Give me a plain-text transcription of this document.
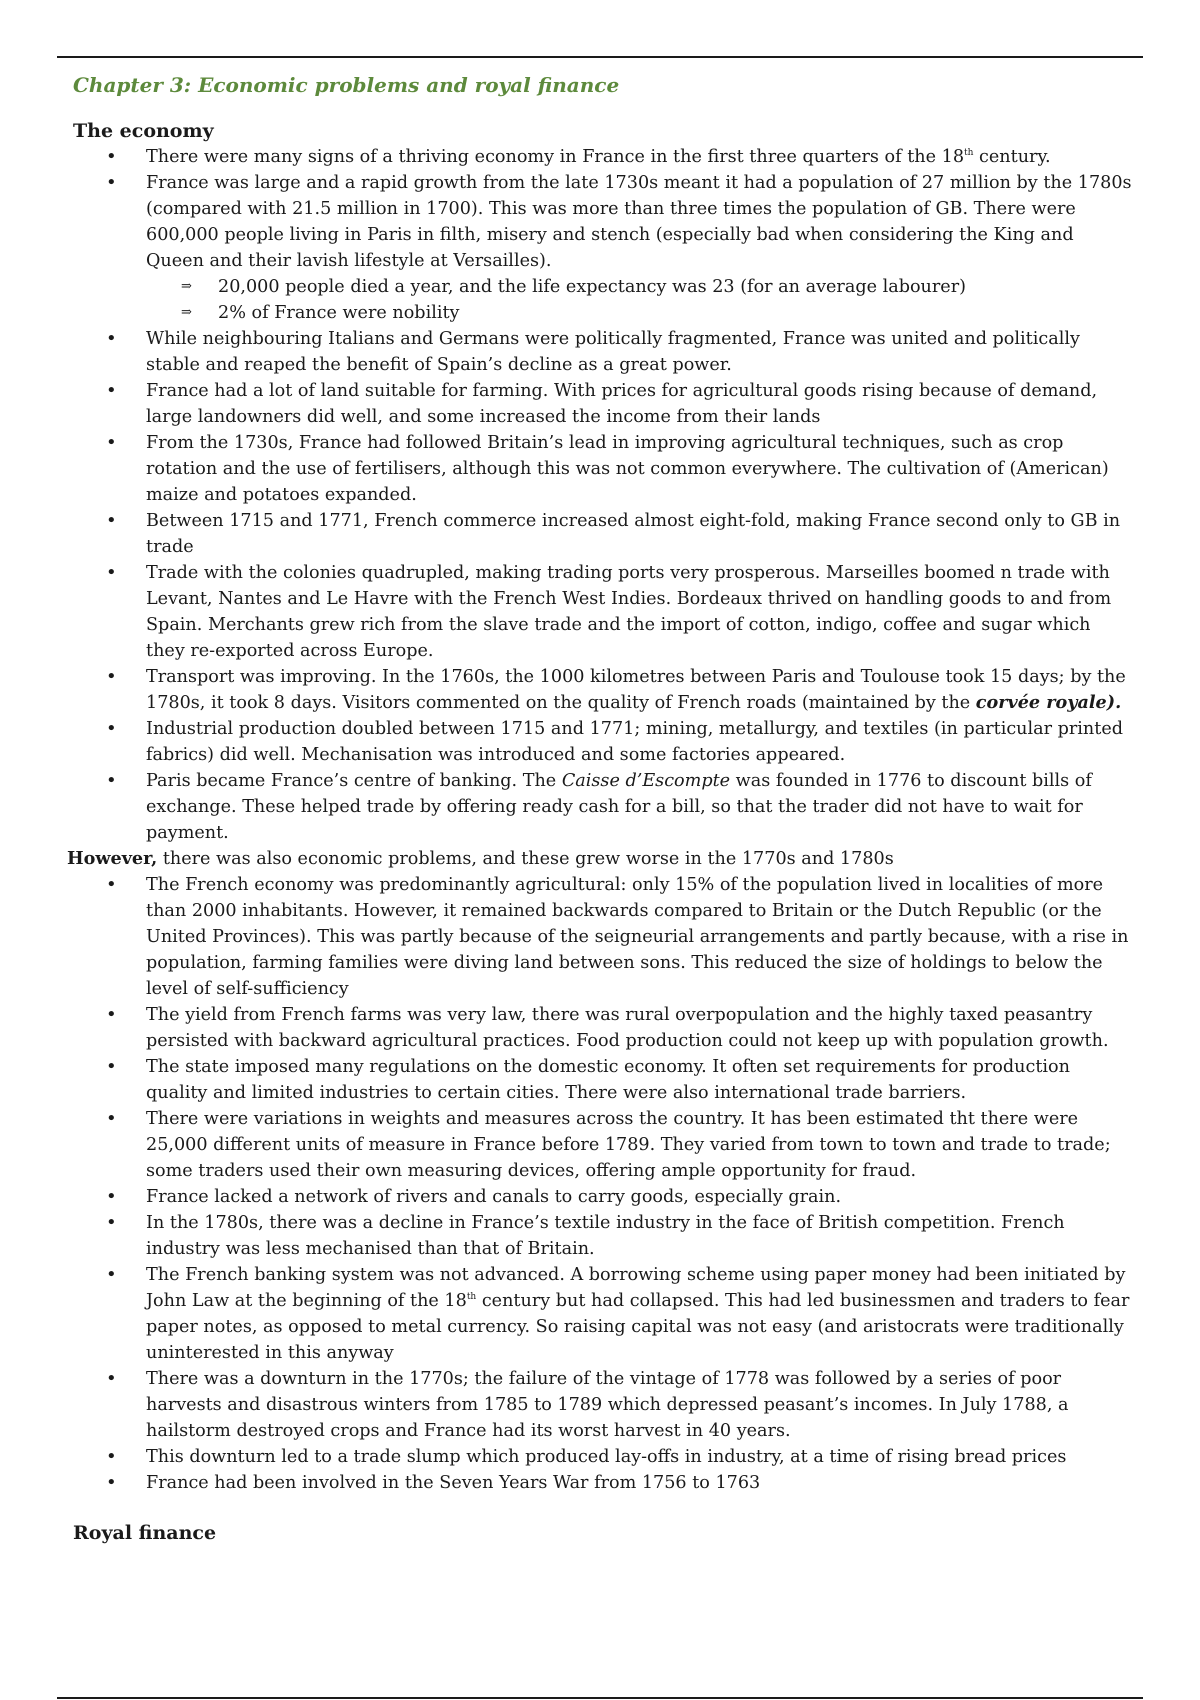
Chapter 3: Economic problems and royal finance
The economy
• There were many signs of a thriving economy in France in the first three quarters of the 18th century.
• France was large and a rapid growth from the late 1730s meant it had a population of 27 million by the 1780s (compared with 21.5 million in 1700). This was more than three times the population of GB. There were 600,000 people living in Paris in filth, misery and stench (especially bad when considering the King and Queen and their lavish lifestyle at Versailles).
⇒	20,000 people died a year, and the life expectancy was 23 (for an average labourer)
⇒	2% of France were nobility
• While neighbouring Italians and Germans were politically fragmented, France was united and politically stable and reaped the benefit of Spain’s decline as a great power.
• France had a lot of land suitable for farming. With prices for agricultural goods rising because of demand, large landowners did well, and some increased the income from their lands
• From the 1730s, France had followed Britain’s lead in improving agricultural techniques, such as crop rotation and the use of fertilisers, although this was not common everywhere. The cultivation of (American) maize and potatoes expanded.
• Between 1715 and 1771, French commerce increased almost eight-fold, making France second only to GB in trade
• Trade with the colonies quadrupled, making trading ports very prosperous. Marseilles boomed n trade with Levant, Nantes and Le Havre with the French West Indies. Bordeaux thrived on handling goods to and from Spain. Merchants grew rich from the slave trade and the import of cotton, indigo, coffee and sugar which they re-exported across Europe.
• Transport was improving. In the 1760s, the 1000 kilometres between Paris and Toulouse took 15 days; by the 1780s, it took 8 days. Visitors commented on the quality of French roads (maintained by the corvée royale).
• Industrial production doubled between 1715 and 1771; mining, metallurgy, and textiles (in particular printed fabrics) did well. Mechanisation was introduced and some factories appeared.
• Paris became France’s centre of banking. The Caisse d’Escompte was founded in 1776 to discount bills of exchange. These helped trade by offering ready cash for a bill, so that the trader did not have to wait for payment.
However, there was also economic problems, and these grew worse in the 1770s and 1780s
• The French economy was predominantly agricultural: only 15% of the population lived in localities of more than 2000 inhabitants. However, it remained backwards compared to Britain or the Dutch Republic (or the United Provinces). This was partly because of the seigneurial arrangements and partly because, with a rise in population, farming families were diving land between sons. This reduced the size of holdings to below the level of self-sufficiency
• The yield from French farms was very law, there was rural overpopulation and the highly taxed peasantry persisted with backward agricultural practices. Food production could not keep up with population growth.
• The state imposed many regulations on the domestic economy. It often set requirements for production quality and limited industries to certain cities. There were also international trade barriers.
• There were variations in weights and measures across the country. It has been estimated tht there were 25,000 different units of measure in France before 1789. They varied from town to town and trade to trade; some traders used their own measuring devices, offering ample opportunity for fraud.
• France lacked a network of rivers and canals to carry goods, especially grain.
• In the 1780s, there was a decline in France’s textile industry in the face of British competition. French industry was less mechanised than that of Britain.
• The French banking system was not advanced. A borrowing scheme using paper money had been initiated by John Law at the beginning of the 18th century but had collapsed. This had led businessmen and traders to fear paper notes, as opposed to metal currency. So raising capital was not easy (and aristocrats were traditionally uninterested in this anyway
• There was a downturn in the 1770s; the failure of the vintage of 1778 was followed by a series of poor harvests and disastrous winters from 1785 to 1789 which depressed peasant’s incomes. In July 1788, a hailstorm destroyed crops and France had its worst harvest in 40 years.
• This downturn led to a trade slump which produced lay-offs in industry, at a time of rising bread prices
• France had been involved in the Seven Years War from 1756 to 1763
Royal finance
